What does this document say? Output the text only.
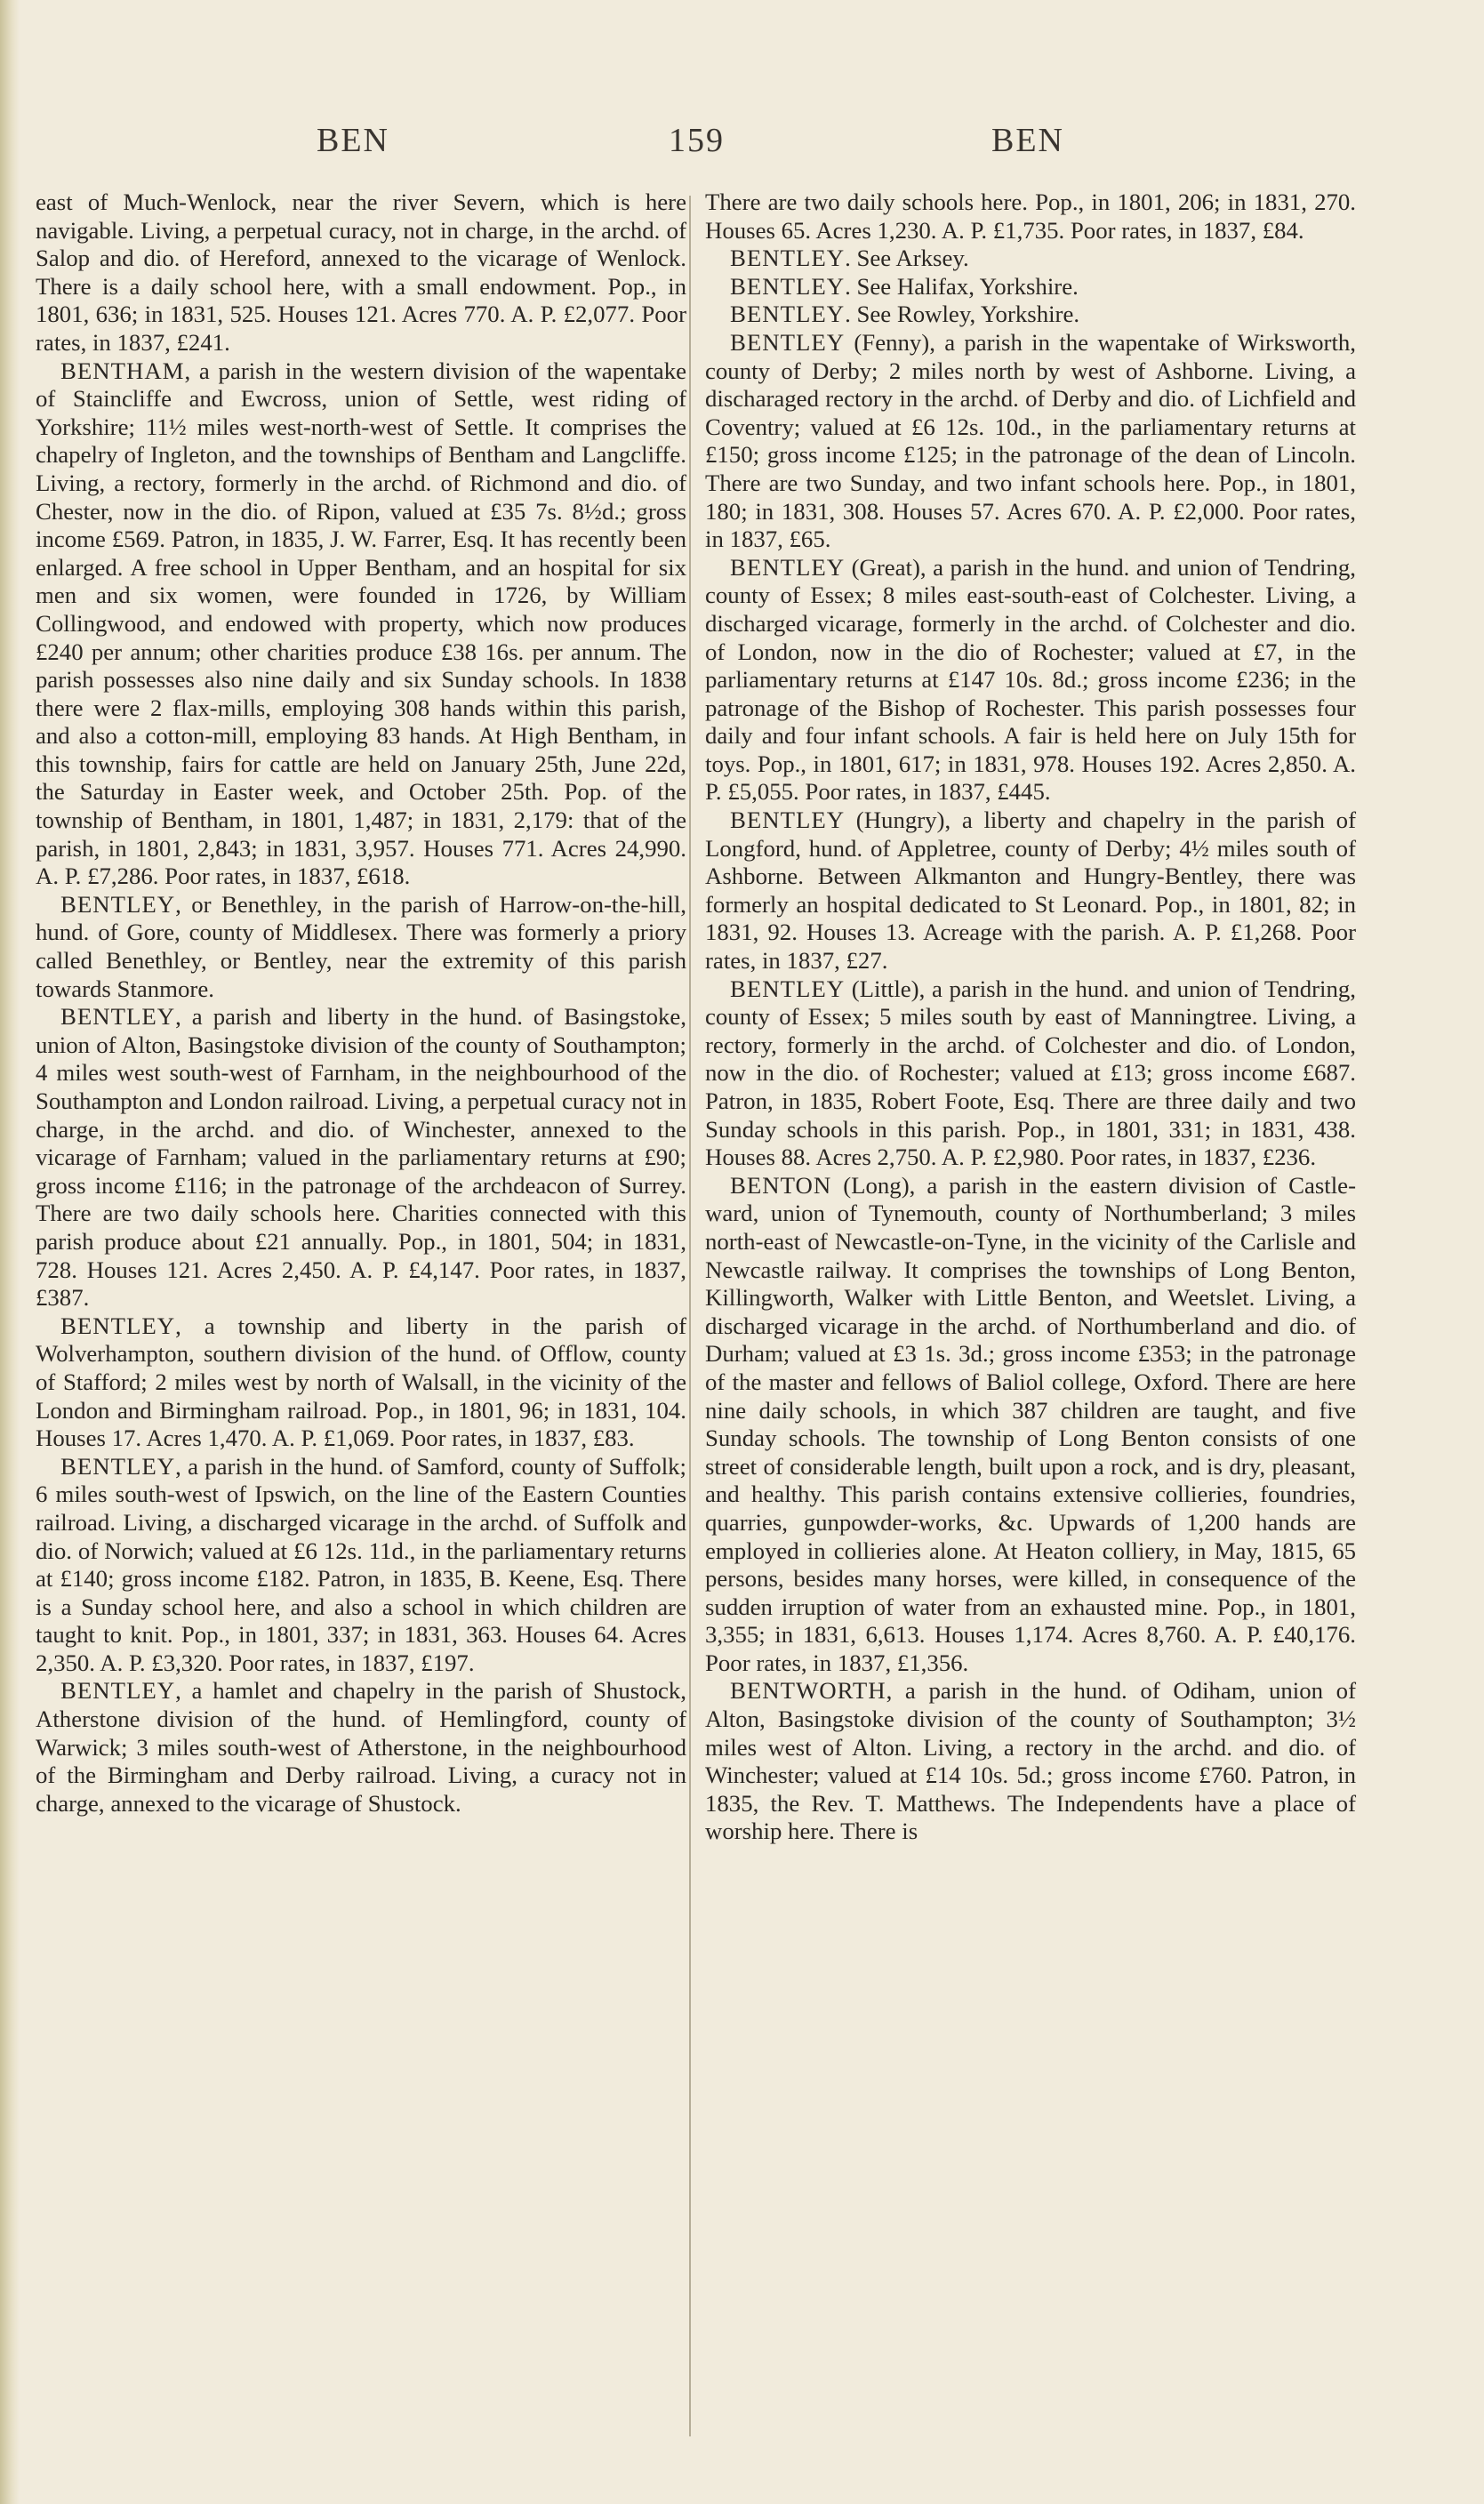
BEN	159	BEN

east of Much-Wenlock, near the river Severn, which is here navigable. Living, a perpetual curacy, not in charge, in the archd. of Salop and dio. of Hereford, annexed to the vicarage of Wenlock. There is a daily school here, with a small endowment. Pop., in 1801, 636; in 1831, 525. Houses 121. Acres 770. A. P. £2,077. Poor rates, in 1837, £241.

BENTHAM, a parish in the western division of the wapentake of Staincliffe and Ewcross, union of Settle, west riding of Yorkshire; 11½ miles west-north-west of Settle. It comprises the chapelry of Ingleton, and the townships of Bentham and Langcliffe. Living, a rectory, formerly in the archd. of Richmond and dio. of Chester, now in the dio. of Ripon, valued at £35 7s. 8½d.; gross income £569. Patron, in 1835, J. W. Farrer, Esq. It has recently been enlarged. A free school in Upper Bentham, and an hospital for six men and six women, were founded in 1726, by William Collingwood, and endowed with property, which now produces £240 per annum; other charities produce £38 16s. per annum. The parish possesses also nine daily and six Sunday schools. In 1838 there were 2 flax-mills, employing 308 hands within this parish, and also a cotton-mill, employing 83 hands. At High Bentham, in this township, fairs for cattle are held on January 25th, June 22d, the Saturday in Easter week, and October 25th. Pop. of the township of Bentham, in 1801, 1,487; in 1831, 2,179: that of the parish, in 1801, 2,843; in 1831, 3,957. Houses 771. Acres 24,990. A. P. £7,286. Poor rates, in 1837, £618.

BENTLEY, or Benethley, in the parish of Harrow-on-the-hill, hund. of Gore, county of Middlesex. There was formerly a priory called Benethley, or Bentley, near the extremity of this parish towards Stanmore.

BENTLEY, a parish and liberty in the hund. of Basingstoke, union of Alton, Basingstoke division of the county of Southampton; 4 miles west south-west of Farnham, in the neighbourhood of the Southampton and London railroad. Living, a perpetual curacy not in charge, in the archd. and dio. of Winchester, annexed to the vicarage of Farnham; valued in the parliamentary returns at £90; gross income £116; in the patronage of the archdeacon of Surrey. There are two daily schools here. Charities connected with this parish produce about £21 annually. Pop., in 1801, 504; in 1831, 728. Houses 121. Acres 2,450. A. P. £4,147. Poor rates, in 1837, £387.

BENTLEY, a township and liberty in the parish of Wolverhampton, southern division of the hund. of Offlow, county of Stafford; 2 miles west by north of Walsall, in the vicinity of the London and Birmingham railroad. Pop., in 1801, 96; in 1831, 104. Houses 17. Acres 1,470. A. P. £1,069. Poor rates, in 1837, £83.

BENTLEY, a parish in the hund. of Samford, county of Suffolk; 6 miles south-west of Ipswich, on the line of the Eastern Counties railroad. Living, a discharged vicarage in the archd. of Suffolk and dio. of Norwich; valued at £6 12s. 11d., in the parliamentary returns at £140; gross income £182. Patron, in 1835, B. Keene, Esq. There is a Sunday school here, and also a school in which children are taught to knit. Pop., in 1801, 337; in 1831, 363. Houses 64. Acres 2,350. A. P. £3,320. Poor rates, in 1837, £197.

BENTLEY, a hamlet and chapelry in the parish of Shustock, Atherstone division of the hund. of Hemlingford, county of Warwick; 3 miles south-west of Atherstone, in the neighbourhood of the Birmingham and Derby railroad. Living, a curacy not in charge, annexed to the vicarage of Shustock.

There are two daily schools here. Pop., in 1801, 206; in 1831, 270. Houses 65. Acres 1,230. A. P. £1,735. Poor rates, in 1837, £84.

BENTLEY. See Arksey.

BENTLEY. See Halifax, Yorkshire.

BENTLEY. See Rowley, Yorkshire.

BENTLEY (Fenny), a parish in the wapentake of Wirksworth, county of Derby; 2 miles north by west of Ashborne. Living, a discharaged rectory in the archd. of Derby and dio. of Lichfield and Coventry; valued at £6 12s. 10d., in the parliamentary returns at £150; gross income £125; in the patronage of the dean of Lincoln. There are two Sunday, and two infant schools here. Pop., in 1801, 180; in 1831, 308. Houses 57. Acres 670. A. P. £2,000. Poor rates, in 1837, £65.

BENTLEY (Great), a parish in the hund. and union of Tendring, county of Essex; 8 miles east-south-east of Colchester. Living, a discharged vicarage, formerly in the archd. of Colchester and dio. of London, now in the dio of Rochester; valued at £7, in the parliamentary returns at £147 10s. 8d.; gross income £236; in the patronage of the Bishop of Rochester. This parish possesses four daily and four infant schools. A fair is held here on July 15th for toys. Pop., in 1801, 617; in 1831, 978. Houses 192. Acres 2,850. A. P. £5,055. Poor rates, in 1837, £445.

BENTLEY (Hungry), a liberty and chapelry in the parish of Longford, hund. of Appletree, county of Derby; 4½ miles south of Ashborne. Between Alkmanton and Hungry-Bentley, there was formerly an hospital dedicated to St Leonard. Pop., in 1801, 82; in 1831, 92. Houses 13. Acreage with the parish. A. P. £1,268. Poor rates, in 1837, £27.

BENTLEY (Little), a parish in the hund. and union of Tendring, county of Essex; 5 miles south by east of Manningtree. Living, a rectory, formerly in the archd. of Colchester and dio. of London, now in the dio. of Rochester; valued at £13; gross income £687. Patron, in 1835, Robert Foote, Esq. There are three daily and two Sunday schools in this parish. Pop., in 1801, 331; in 1831, 438. Houses 88. Acres 2,750. A. P. £2,980. Poor rates, in 1837, £236.

BENTON (Long), a parish in the eastern division of Castle-ward, union of Tynemouth, county of Northumberland; 3 miles north-east of Newcastle-on-Tyne, in the vicinity of the Carlisle and Newcastle railway. It comprises the townships of Long Benton, Killingworth, Walker with Little Benton, and Weetslet. Living, a discharged vicarage in the archd. of Northumberland and dio. of Durham; valued at £3 1s. 3d.; gross income £353; in the patronage of the master and fellows of Baliol college, Oxford. There are here nine daily schools, in which 387 children are taught, and five Sunday schools. The township of Long Benton consists of one street of considerable length, built upon a rock, and is dry, pleasant, and healthy. This parish contains extensive collieries, foundries, quarries, gunpowder-works, &c. Upwards of 1,200 hands are employed in collieries alone. At Heaton colliery, in May, 1815, 65 persons, besides many horses, were killed, in consequence of the sudden irruption of water from an exhausted mine. Pop., in 1801, 3,355; in 1831, 6,613. Houses 1,174. Acres 8,760. A. P. £40,176. Poor rates, in 1837, £1,356.

BENTWORTH, a parish in the hund. of Odiham, union of Alton, Basingstoke division of the county of Southampton; 3½ miles west of Alton. Living, a rectory in the archd. and dio. of Winchester; valued at £14 10s. 5d.; gross income £760. Patron, in 1835, the Rev. T. Matthews. The Independents have a place of worship here. There is
